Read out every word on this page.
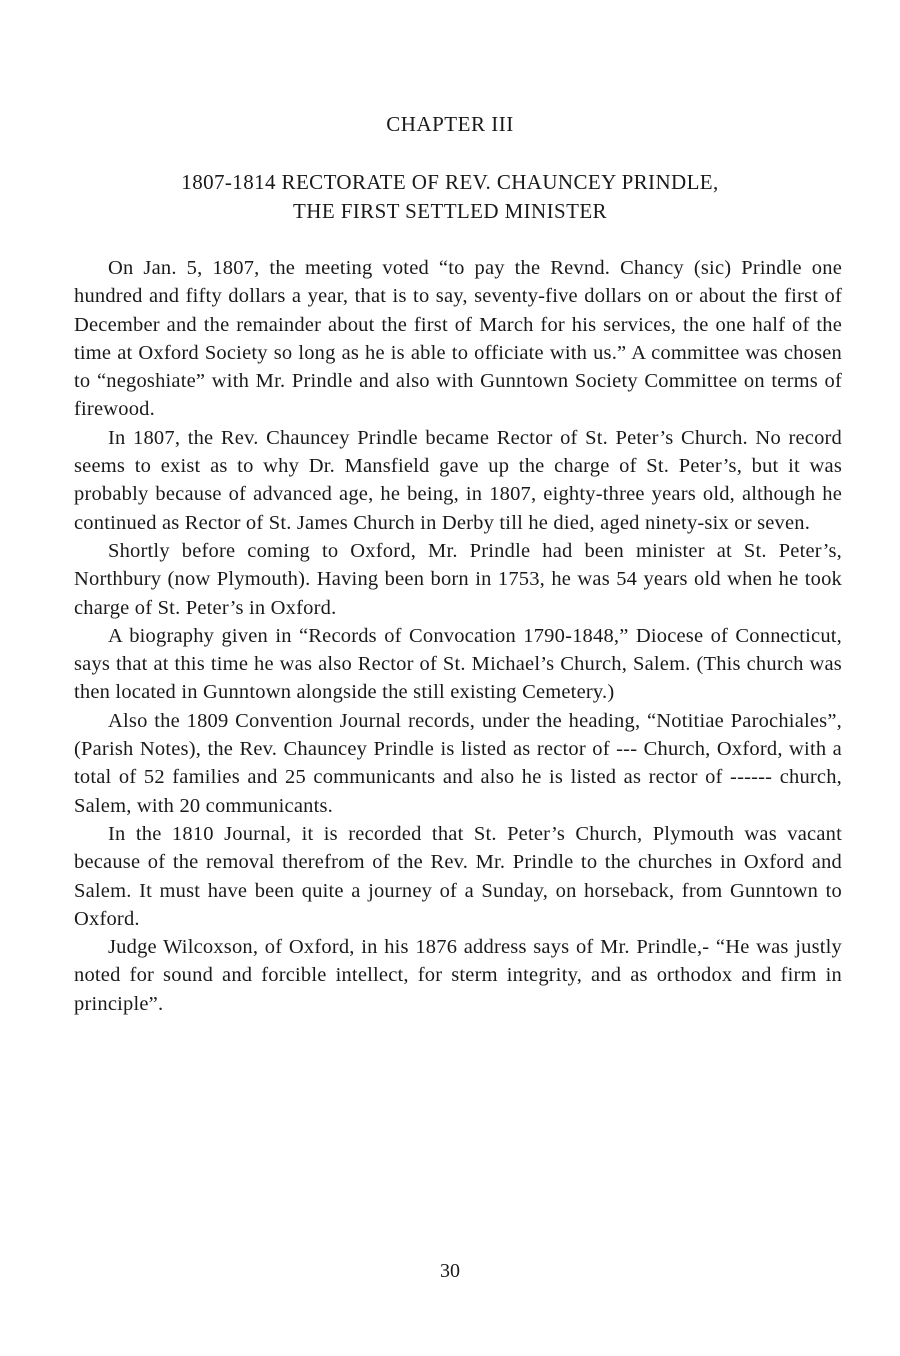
CHAPTER III
1807-1814 RECTORATE OF REV. CHAUNCEY PRINDLE,
THE FIRST SETTLED MINISTER

On Jan. 5, 1807, the meeting voted “to pay the Revnd. Chancy (sic) Prindle one hundred and fifty dollars a year, that is to say, seventy-five dollars on or about the first of December and the remainder about the first of March for his services, the one half of the time at Oxford Society so long as he is able to officiate with us.” A committee was chosen to “negoshiate” with Mr. Prindle and also with Gunntown Society Committee on terms of firewood.

In 1807, the Rev. Chauncey Prindle became Rector of St. Peter’s Church. No record seems to exist as to why Dr. Mansfield gave up the charge of St. Peter’s, but it was probably because of advanced age, he being, in 1807, eighty-three years old, although he continued as Rector of St. James Church in Derby till he died, aged ninety-six or seven.

Shortly before coming to Oxford, Mr. Prindle had been minister at St. Peter’s, Northbury (now Plymouth). Having been born in 1753, he was 54 years old when he took charge of St. Peter’s in Oxford.

A biography given in “Records of Convocation 1790-1848,” Diocese of Connecticut, says that at this time he was also Rector of St. Michael’s Church, Salem. (This church was then located in Gunntown alongside the still existing Cemetery.)

Also the 1809 Convention Journal records, under the heading, “Notitiae Parochiales”, (Parish Notes), the Rev. Chauncey Prindle is listed as rector of --- Church, Oxford, with a total of 52 families and 25 communicants and also he is listed as rector of ------ church, Salem, with 20 communicants.

In the 1810 Journal, it is recorded that St. Peter’s Church, Plymouth was vacant because of the removal therefrom of the Rev. Mr. Prindle to the churches in Oxford and Salem. It must have been quite a journey of a Sunday, on horseback, from Gunntown to Oxford.

Judge Wilcoxson, of Oxford, in his 1876 address says of Mr. Prindle,- “He was justly noted for sound and forcible intellect, for sterm integrity, and as orthodox and firm in principle”.

30
